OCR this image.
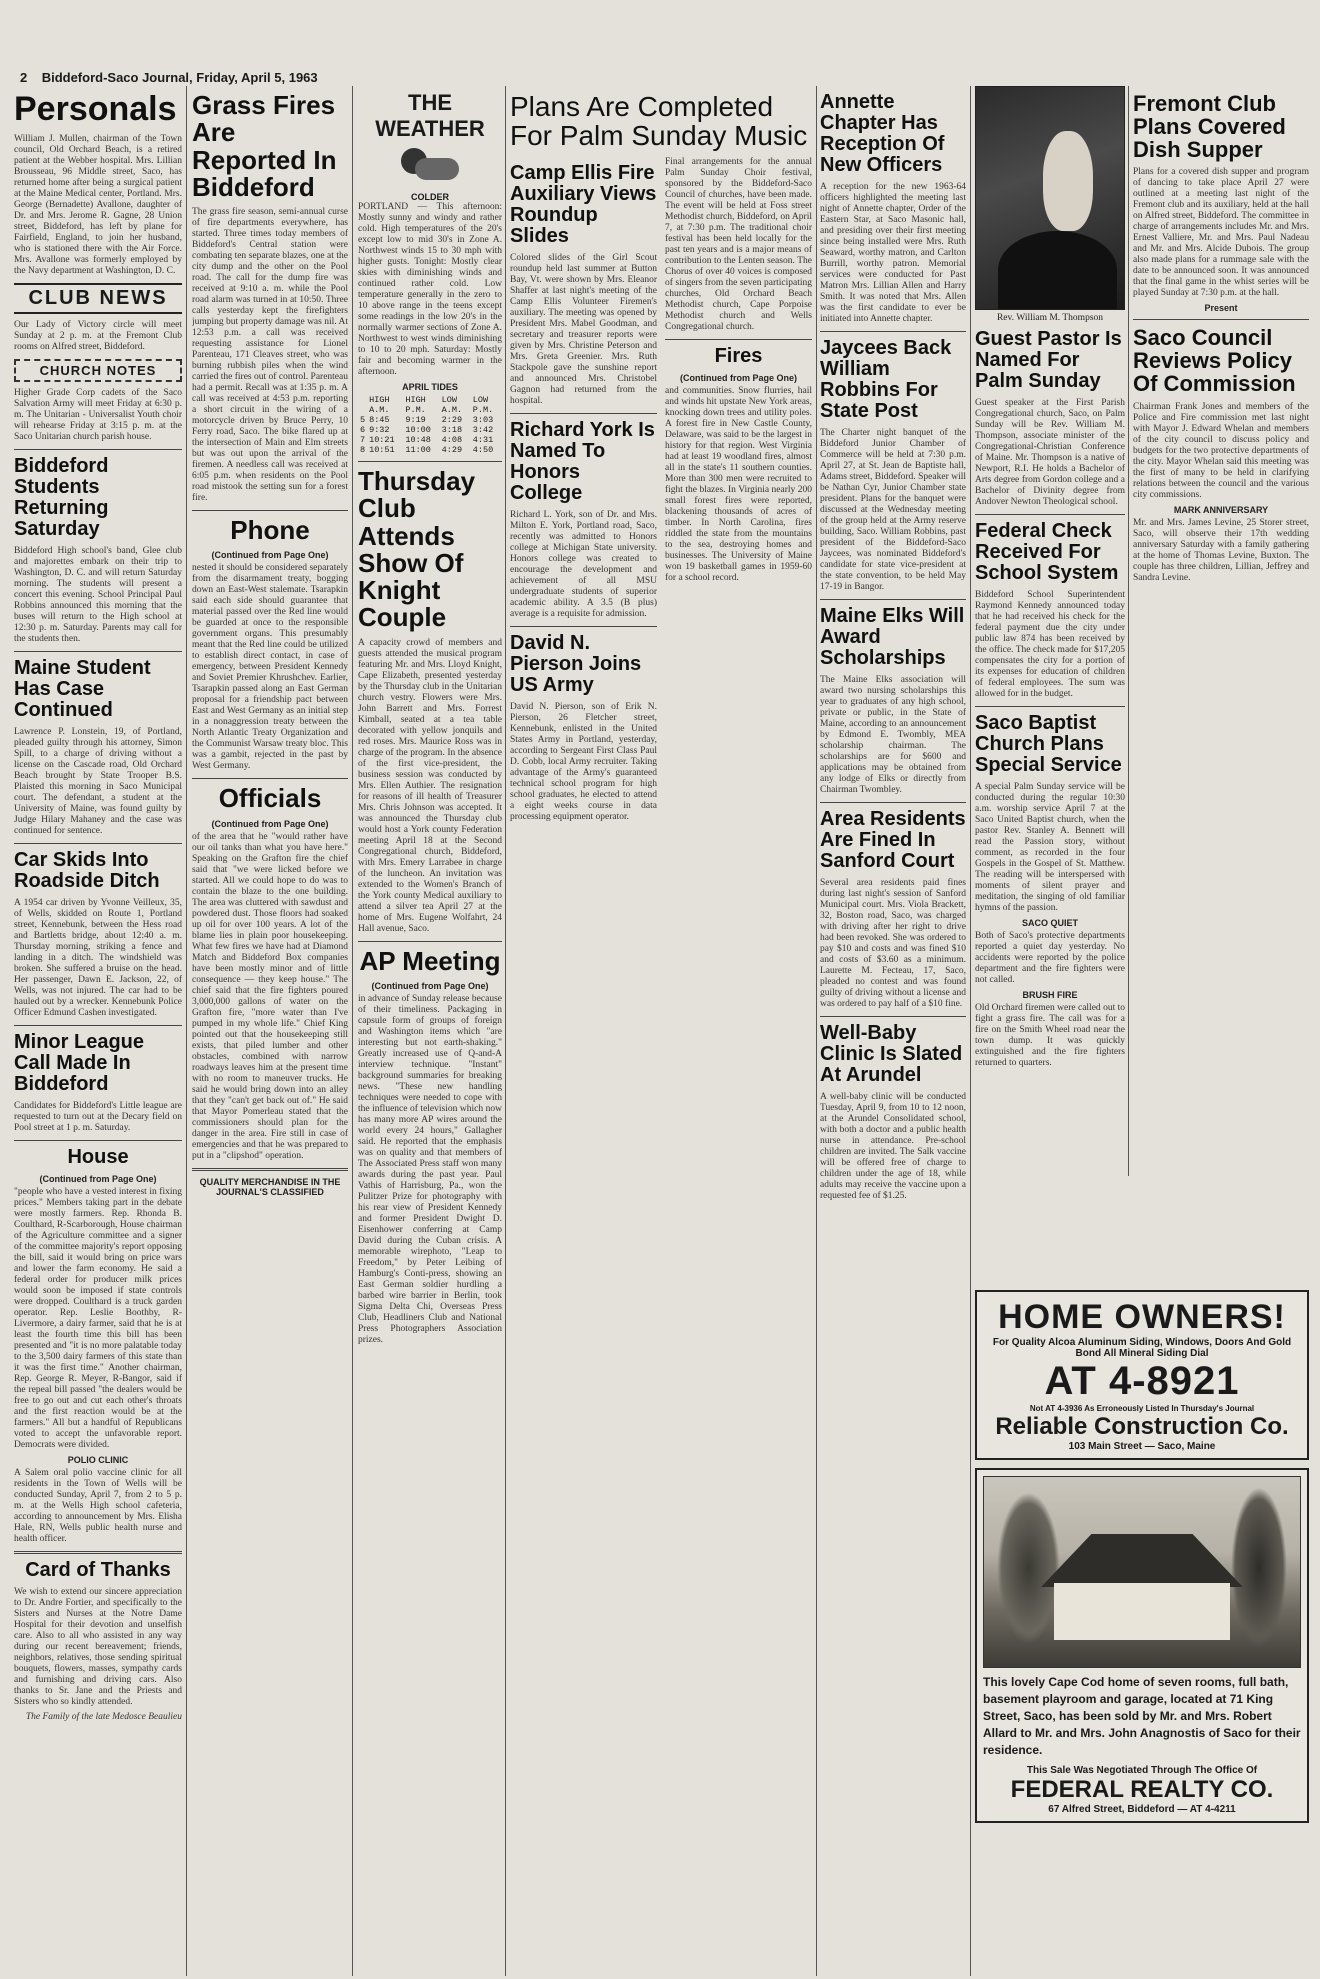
2 Biddeford-Saco Journal, Friday, April 5, 1963
Personals

William J. Mullen, chairman of the Town council, Old Orchard Beach, is a retired patient at the Webber hospital. Mrs. Lillian Brousseau, 96 Middle street, Saco, has returned home after being a surgical patient at the Maine Medical center, Portland. Mrs. George (Bernadette) Avallone, daughter of Dr. and Mrs. Jerome R. Gagne, 28 Union street, Biddeford, has left by plane for Fairfield, England, to join her husband, who is stationed there with the Air Force. Mrs. Avallone was formerly employed by the Navy department at Washington, D. C.

CLUB NEWS

Our Lady of Victory circle will meet Sunday at 2 p. m. at the Fremont Club rooms on Alfred street, Biddeford.

CHURCH NOTES

Higher Grade Corp cadets of the Saco Salvation Army will meet Friday at 6:30 p. m. The Unitarian - Universalist Youth choir will rehearse Friday at 3:15 p. m. at the Saco Unitarian church parish house.

Biddeford Students Returning Saturday

Biddeford High school's band, Glee club and majorettes embark on their trip to Washington, D. C. and will return Saturday morning. The students will present a concert this evening. School Principal Paul Robbins announced this morning that the buses will return to the High school at 12:30 p. m. Saturday. Parents may call for the students then.

Maine Student Has Case Continued

Lawrence P. Lonstein, 19, of Portland, pleaded guilty through his attorney, Simon Spill, to a charge of driving without a license on the Cascade road, Old Orchard Beach brought by State Trooper B.S. Plaisted this morning in Saco Municipal court. The defendant, a student at the University of Maine, was found guilty by Judge Hilary Mahaney and the case was continued for sentence.

Car Skids Into Roadside Ditch

A 1954 car driven by Yvonne Veilleux, 35, of Wells, skidded on Route 1, Portland street, Kennebunk, between the Hess road and Bartletts bridge, about 12:40 a. m. Thursday morning, striking a fence and landing in a ditch. The windshield was broken. She suffered a bruise on the head. Her passenger, Dawn E. Jackson, 22, of Wells, was not injured. The car had to be hauled out by a wrecker. Kennebunk Police Officer Edmund Cashen investigated.

Minor League Call Made In Biddeford

Candidates for Biddeford's Little league are requested to turn out at the Decary field on Pool street at 1 p. m. Saturday.

House
(Continued from Page One)

"people who have a vested interest in fixing prices." Members taking part in the debate were mostly farmers. Rep. Rhonda B. Coulthard, R-Scarborough, House chairman of the Agriculture committee and a signer of the committee majority's report opposing the bill, said it would bring on price wars and lower the farm economy. He said a federal order for producer milk prices would soon be imposed if state controls were dropped. Coulthard is a truck garden operator. Rep. Leslie Boothby, R-Livermore, a dairy farmer, said that he is at least the fourth time this bill has been presented and "it is no more palatable today to the 3,500 dairy farmers of this state than it was the first time." Another chairman, Rep. George R. Meyer, R-Bangor, said if the repeal bill passed "the dealers would be free to go out and cut each other's throats and the first reaction would be at the farmers." All but a handful of Republicans voted to accept the unfavorable report. Democrats were divided.

POLIO CLINIC

A Salem oral polio vaccine clinic for all residents in the Town of Wells will be conducted Sunday, April 7, from 2 to 5 p. m. at the Wells High school cafeteria, according to announcement by Mrs. Elisha Hale, RN, Wells public health nurse and health officer.

Card of Thanks

We wish to extend our sincere appreciation to Dr. Andre Fortier, and specifically to the Sisters and Nurses at the Notre Dame Hospital for their devotion and unselfish care. Also to all who assisted in any way during our recent bereavement; friends, neighbors, relatives, those sending spiritual bouquets, flowers, masses, sympathy cards and furnishing and driving cars. Also thanks to Sr. Jane and the Priests and Sisters who so kindly attended.

The Family of the late Medosce Beaulieu

Grass Fires Are Reported In Biddeford

The grass fire season, semi-annual curse of fire departments everywhere, has started. Three times today members of Biddeford's Central station were combating ten separate blazes, one at the city dump and the other on the Pool road. The call for the dump fire was received at 9:10 a. m. while the Pool road alarm was turned in at 10:50. Three calls yesterday kept the firefighters jumping but property damage was nil. At 12:53 p.m. a call was received requesting assistance for Lionel Parenteau, 171 Cleaves street, who was burning rubbish piles when the wind carried the fires out of control. Parenteau had a permit. Recall was at 1:35 p. m. A call was received at 4:53 p.m. reporting a short circuit in the wiring of a motorcycle driven by Bruce Perry, 10 Ferry road, Saco. The bike flared up at the intersection of Main and Elm streets but was out upon the arrival of the firemen. A needless call was received at 6:05 p.m. when residents on the Pool road mistook the setting sun for a forest fire.

Phone
(Continued from Page One)

nested it should be considered separately from the disarmament treaty, bogging down an East-West stalemate. Tsarapkin said each side should guarantee that material passed over the Red line would be guarded at once to the responsible government organs. This presumably meant that the Red line could be utilized to establish direct contact, in case of emergency, between President Kennedy and Soviet Premier Khrushchev. Earlier, Tsarapkin passed along an East German proposal for a friendship pact between East and West Germany as an initial step in a nonaggression treaty between the North Atlantic Treaty Organization and the Communist Warsaw treaty bloc. This was a gambit, rejected in the past by West Germany.

Officials
(Continued from Page One)

of the area that he "would rather have our oil tanks than what you have here." Speaking on the Grafton fire the chief said that "we were licked before we started. All we could hope to do was to contain the blaze to the one building. The area was cluttered with sawdust and powdered dust. Those floors had soaked up oil for over 100 years. A lot of the blame lies in plain poor housekeeping. What few fires we have had at Diamond Match and Biddeford Box companies have been mostly minor and of little consequence — they keep house." The chief said that the fire fighters poured 3,000,000 gallons of water on the Grafton fire, "more water than I've pumped in my whole life." Chief King pointed out that the housekeeping still exists, that piled lumber and other obstacles, combined with narrow roadways leaves him at the present time with no room to maneuver trucks. He said he would bring down into an alley that they "can't get back out of." He said that Mayor Pomerleau stated that the commissioners should plan for the danger in the area. Fire still in case of emergencies and that he was prepared to put in a "clipshod" operation.

QUALITY MERCHANDISE IN THE JOURNAL'S CLASSIFIED
THE WEATHER
COLDER

PORTLAND — This afternoon: Mostly sunny and windy and rather cold. High temperatures of the 20's except low to mid 30's in Zone A. Northwest winds 15 to 30 mph with higher gusts. Tonight: Mostly clear skies with diminishing winds and continued rather cold. Low temperature generally in the zero to 10 above range in the teens except some readings in the low 20's in the normally warmer sections of Zone A. Northwest to west winds diminishing to 10 to 20 mph. Saturday: Mostly fair and becoming warmer in the afternoon.

APRIL TIDES
	HIGH A.M.	HIGH P.M.	LOW A.M.	LOW P.M.
5	8:45	9:19	2:29	3:03
6	9:32	10:00	3:18	3:42
7	10:21	10:48	4:08	4:31
8	10:51	11:00	4:29	4:50
Thursday Club Attends Show Of Knight Couple

A capacity crowd of members and guests attended the musical program featuring Mr. and Mrs. Lloyd Knight, Cape Elizabeth, presented yesterday by the Thursday club in the Unitarian church vestry. Flowers were Mrs. John Barrett and Mrs. Forrest Kimball, seated at a tea table decorated with yellow jonquils and red roses. Mrs. Maurice Ross was in charge of the program. In the absence of the first vice-president, the business session was conducted by Mrs. Ellen Authier. The resignation for reasons of ill health of Treasurer Mrs. Chris Johnson was accepted. It was announced the Thursday club would host a York county Federation meeting April 18 at the Second Congregational church, Biddeford, with Mrs. Emery Larrabee in charge of the luncheon. An invitation was extended to the Women's Branch of the York county Medical auxiliary to attend a silver tea April 27 at the home of Mrs. Eugene Wolfahrt, 24 Hall avenue, Saco.

AP Meeting
(Continued from Page One)

in advance of Sunday release because of their timeliness. Packaging in capsule form of groups of foreign and Washington items which "are interesting but not earth-shaking." Greatly increased use of Q-and-A interview technique. "Instant" background summaries for breaking news. "These new handling techniques were needed to cope with the influence of television which now has many more AP wires around the world every 24 hours," Gallagher said. He reported that the emphasis was on quality and that members of The Associated Press staff won many awards during the past year. Paul Vathis of Harrisburg, Pa., won the Pulitzer Prize for photography with his rear view of President Kennedy and former President Dwight D. Eisenhower conferring at Camp David during the Cuban crisis. A memorable wirephoto, "Leap to Freedom," by Peter Leibing of Hamburg's Conti-press, showing an East German soldier hurdling a barbed wire barrier in Berlin, took Sigma Delta Chi, Overseas Press Club, Headliners Club and National Press Photographers Association prizes.

Plans Are Completed For Palm Sunday Music
Camp Ellis Fire Auxiliary Views Roundup Slides

Colored slides of the Girl Scout roundup held last summer at Button Bay, Vt. were shown by Mrs. Eleanor Shaffer at last night's meeting of the Camp Ellis Volunteer Firemen's auxiliary. The meeting was opened by President Mrs. Mabel Goodman, and secretary and treasurer reports were given by Mrs. Christine Peterson and Mrs. Greta Greenier. Mrs. Ruth Stackpole gave the sunshine report and announced Mrs. Christobel Gagnon had returned from the hospital.

Richard York Is Named To Honors College

Richard L. York, son of Dr. and Mrs. Milton E. York, Portland road, Saco, recently was admitted to Honors college at Michigan State university. Honors college was created to encourage the development and achievement of all MSU undergraduate students of superior academic ability. A 3.5 (B plus) average is a requisite for admission.

David N. Pierson Joins US Army

David N. Pierson, son of Erik N. Pierson, 26 Fletcher street, Kennebunk, enlisted in the United States Army in Portland, yesterday, according to Sergeant First Class Paul D. Cobb, local Army recruiter. Taking advantage of the Army's guaranteed technical school program for high school graduates, he elected to attend a eight weeks course in data processing equipment operator.

Final arrangements for the annual Palm Sunday Choir festival, sponsored by the Biddeford-Saco Council of churches, have been made. The event will be held at Foss street Methodist church, Biddeford, on April 7, at 7:30 p.m. The traditional choir festival has been held locally for the past ten years and is a major means of contribution to the Lenten season. The Chorus of over 40 voices is composed of singers from the seven participating churches, Old Orchard Beach Methodist church, Cape Porpoise Methodist church and Wells Congregational church.

Fires
(Continued from Page One)

and communities. Snow flurries, hail and winds hit upstate New York areas, knocking down trees and utility poles. A forest fire in New Castle County, Delaware, was said to be the largest in history for that region. West Virginia had at least 19 woodland fires, almost all in the state's 11 southern counties. More than 300 men were recruited to fight the blazes. In Virginia nearly 200 small forest fires were reported, blackening thousands of acres of timber. In North Carolina, fires riddled the state from the mountains to the sea, destroying homes and businesses. The University of Maine won 19 basketball games in 1959-60 for a school record.

Annette Chapter Has Reception Of New Officers

A reception for the new 1963-64 officers highlighted the meeting last night of Annette chapter, Order of the Eastern Star, at Saco Masonic hall, and presiding over their first meeting since being installed were Mrs. Ruth Seaward, worthy matron, and Carlton Burrill, worthy patron. Memorial services were conducted for Past Matron Mrs. Lillian Allen and Harry Smith. It was noted that Mrs. Allen was the first candidate to ever be initiated into Annette chapter.

Jaycees Back William Robbins For State Post

The Charter night banquet of the Biddeford Junior Chamber of Commerce will be held at 7:30 p.m. April 27, at St. Jean de Baptiste hall, Adams street, Biddeford. Speaker will be Nathan Cyr, Junior Chamber state president. Plans for the banquet were discussed at the Wednesday meeting of the group held at the Army reserve building, Saco. William Robbins, past president of the Biddeford-Saco Jaycees, was nominated Biddeford's candidate for state vice-president at the state convention, to be held May 17-19 in Bangor.

Maine Elks Will Award Scholarships

The Maine Elks association will award two nursing scholarships this year to graduates of any high school, private or public, in the State of Maine, according to an announcement by Edmond E. Twombly, MEA scholarship chairman. The scholarships are for $600 and applications may be obtained from any lodge of Elks or directly from Chairman Twombley.

Area Residents Are Fined In Sanford Court

Several area residents paid fines during last night's session of Sanford Municipal court. Mrs. Viola Brackett, 32, Boston road, Saco, was charged with driving after her right to drive had been revoked. She was ordered to pay $10 and costs and was fined $10 and costs of $3.60 as a minimum. Laurette M. Fecteau, 17, Saco, pleaded no contest and was found guilty of driving without a license and was ordered to pay half of a $10 fine.

Well-Baby Clinic Is Slated At Arundel

A well-baby clinic will be conducted Tuesday, April 9, from 10 to 12 noon, at the Arundel Consolidated school, with both a doctor and a public health nurse in attendance. Pre-school children are invited. The Salk vaccine will be offered free of charge to children under the age of 18, while adults may receive the vaccine upon a requested fee of $1.25.

Rev. William M. Thompson
Guest Pastor Is Named For Palm Sunday

Guest speaker at the First Parish Congregational church, Saco, on Palm Sunday will be Rev. William M. Thompson, associate minister of the Congregational-Christian Conference of Maine. Mr. Thompson is a native of Newport, R.I. He holds a Bachelor of Arts degree from Gordon college and a Bachelor of Divinity degree from Andover Newton Theological school.

Federal Check Received For School System

Biddeford School Superintendent Raymond Kennedy announced today that he had received his check for the federal payment due the city under public law 874 has been received by the office. The check made for $17,205 compensates the city for a portion of its expenses for education of children of federal employees. The sum was allowed for in the budget.

Saco Baptist Church Plans Special Service

A special Palm Sunday service will be conducted during the regular 10:30 a.m. worship service April 7 at the Saco United Baptist church, when the pastor Rev. Stanley A. Bennett will read the Passion story, without comment, as recorded in the four Gospels in the Gospel of St. Matthew. The reading will be interspersed with moments of silent prayer and meditation, the singing of old familiar hymns of the passion.

SACO QUIET

Both of Saco's protective departments reported a quiet day yesterday. No accidents were reported by the police department and the fire fighters were not called.

BRUSH FIRE

Old Orchard firemen were called out to fight a grass fire. The call was for a fire on the Smith Wheel road near the town dump. It was quickly extinguished and the fire fighters returned to quarters.

Fremont Club Plans Covered Dish Supper

Plans for a covered dish supper and program of dancing to take place April 27 were outlined at a meeting last night of the Fremont club and its auxiliary, held at the hall on Alfred street, Biddeford. The committee in charge of arrangements includes Mr. and Mrs. Ernest Valliere, Mr. and Mrs. Paul Nadeau and Mr. and Mrs. Alcide Dubois. The group also made plans for a rummage sale with the date to be announced soon. It was announced that the final game in the whist series will be played Sunday at 7:30 p.m. at the hall.

Present
Saco Council Reviews Policy Of Commission

Chairman Frank Jones and members of the Police and Fire commission met last night with Mayor J. Edward Whelan and members of the city council to discuss policy and budgets for the two protective departments of the city. Mayor Whelan said this meeting was the first of many to be held in clarifying relations between the council and the various city commissions.

MARK ANNIVERSARY

Mr. and Mrs. James Levine, 25 Storer street, Saco, will observe their 17th wedding anniversary Saturday with a family gathering at the home of Thomas Levine, Buxton. The couple has three children, Lillian, Jeffrey and Sandra Levine.

HOME OWNERS!
For Quality Alcoa Aluminum Siding, Windows, Doors And Gold Bond All Mineral Siding Dial
AT 4-8921
Not AT 4-3936 As Erroneously Listed In Thursday's Journal
Reliable Construction Co.
103 Main Street — Saco, Maine

This lovely Cape Cod home of seven rooms, full bath, basement playroom and garage, located at 71 King Street, Saco, has been sold by Mr. and Mrs. Robert Allard to Mr. and Mrs. John Anagnostis of Saco for their residence.

This Sale Was Negotiated Through The Office Of
FEDERAL REALTY CO.
67 Alfred Street, Biddeford — AT 4-4211
